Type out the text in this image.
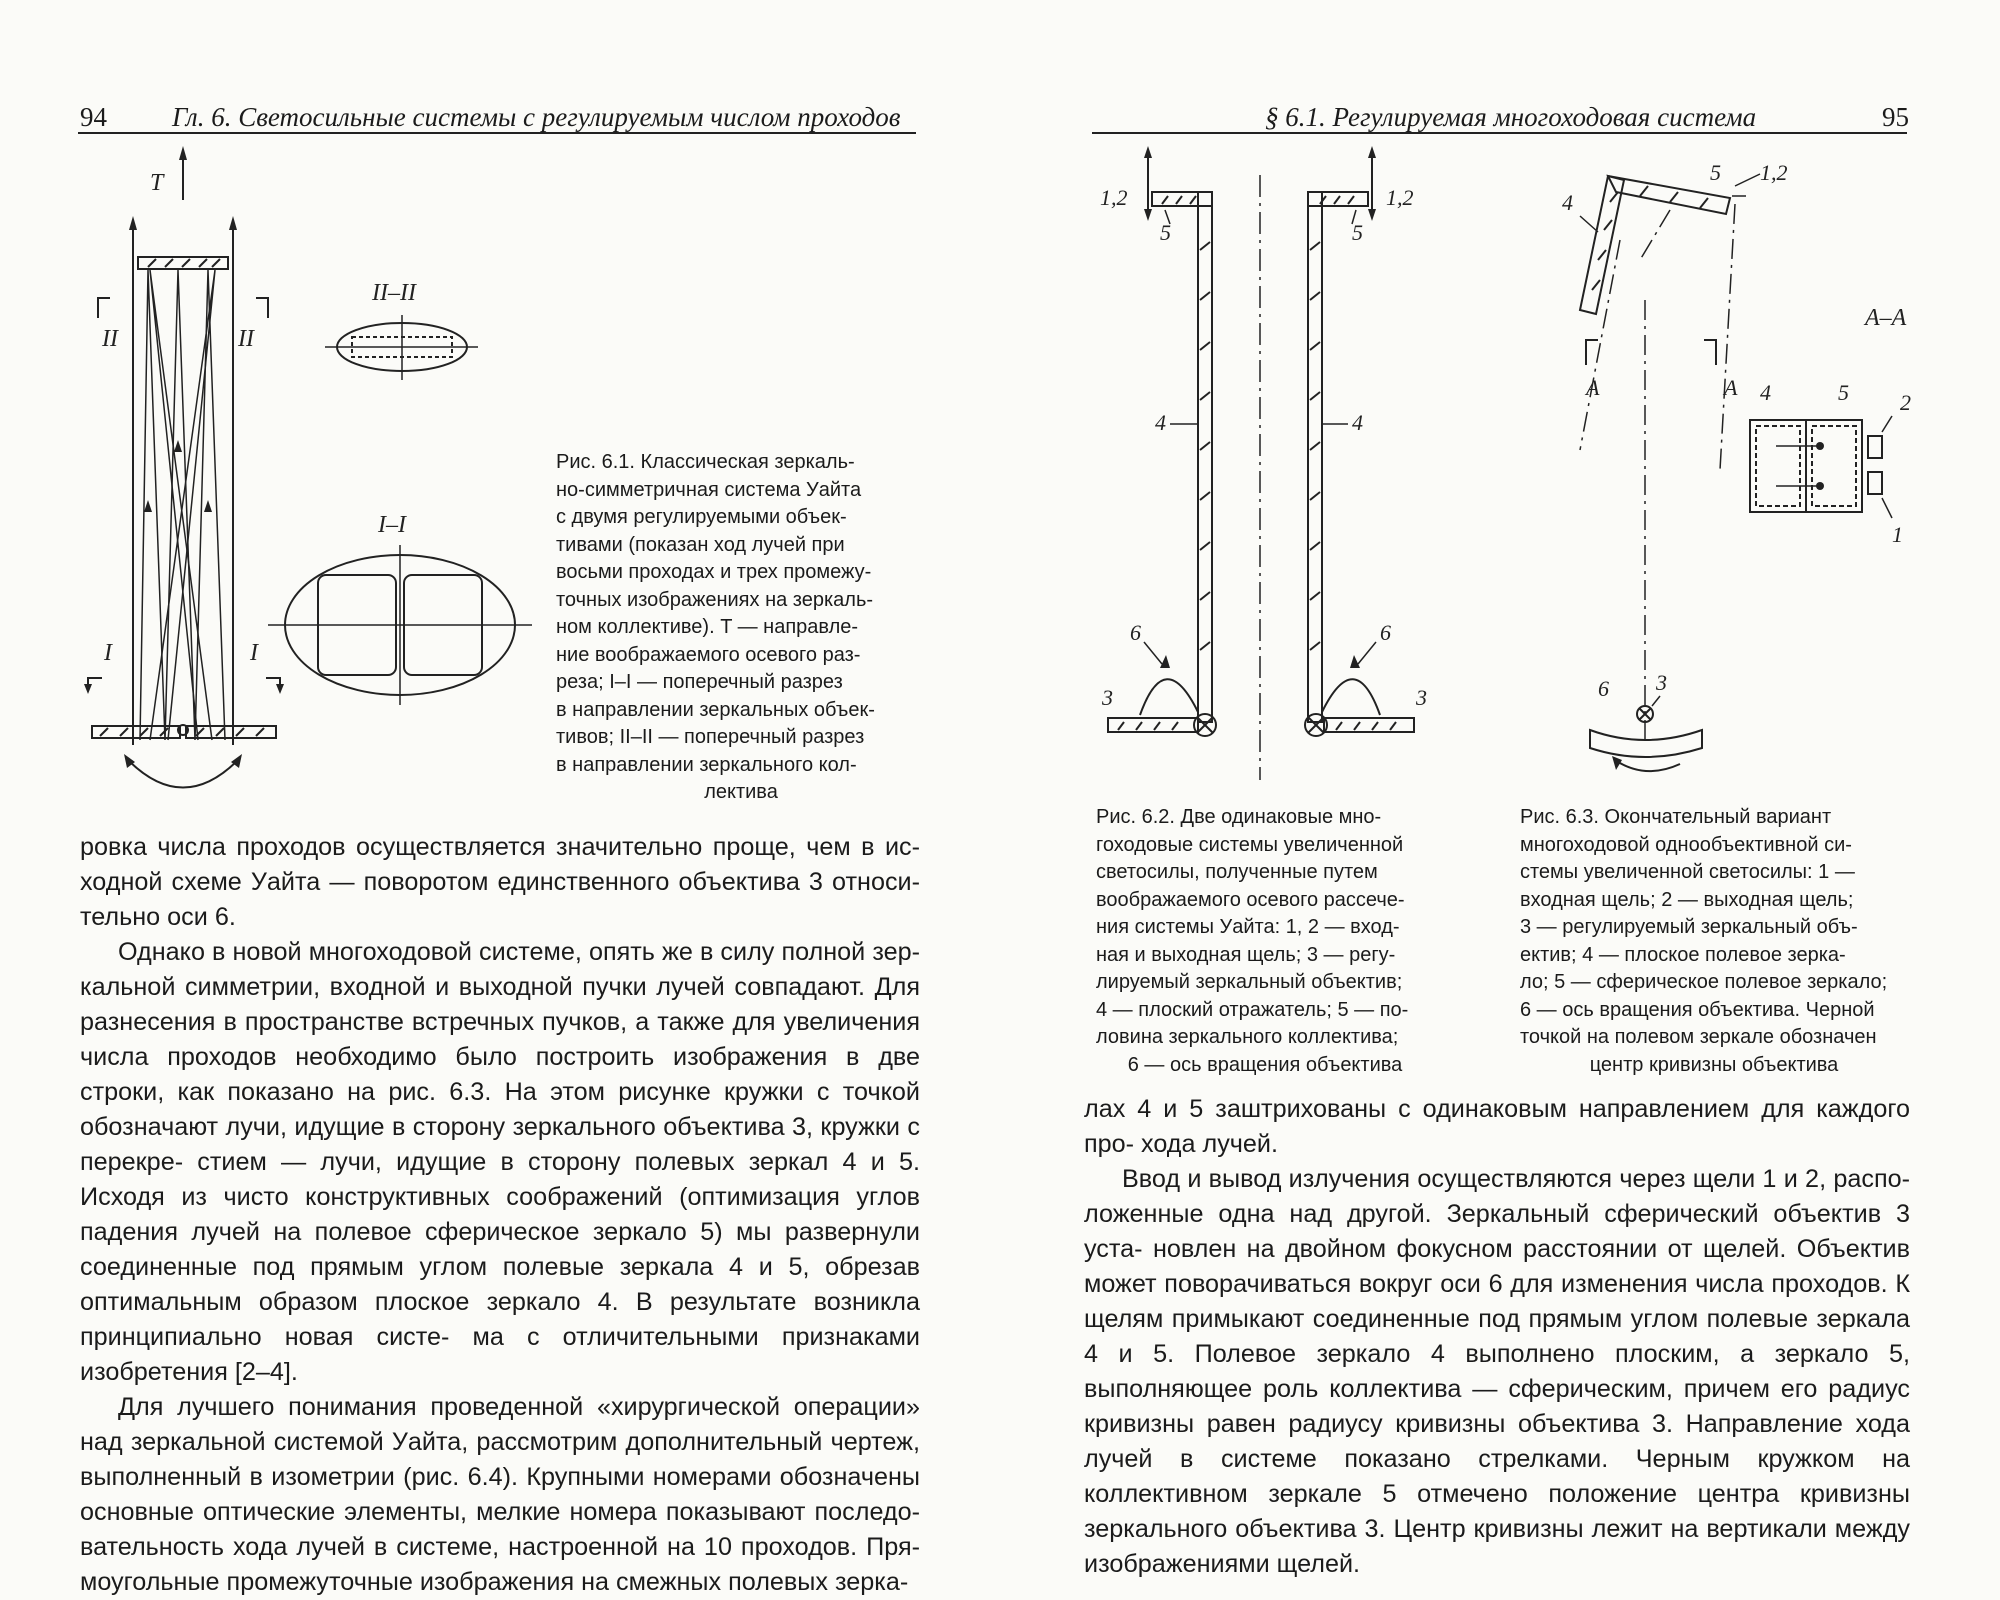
94 Гл. 6. Светосильные системы с регулируемым числом проходов
T
II	II
I	I
II–II
I–I
Рис. 6.1. Классическая зеркаль-
но-симметричная система Уайта
с двумя регулируемыми объек-
тивами (показан ход лучей при
восьми проходах и трех промежу-
точных изображениях на зеркаль-
ном коллективе). T — направле-
ние воображаемого осевого раз-
реза; I–I — поперечный разрез
в направлении зеркальных объек-
тивов; II–II — поперечный разрез
в направлении зеркального кол-
лектива

ровка числа проходов осуществляется значительно проще, чем в ис- ходной схеме Уайта — поворотом единственного объектива 3 относи- тельно оси 6.

Однако в новой многоходовой системе, опять же в силу полной зер- кальной симметрии, входной и выходной пучки лучей совпадают. Для разнесения в пространстве встречных пучков, а также для увеличения числа проходов необходимо было построить изображения в две строки, как показано на рис. 6.3. На этом рисунке кружки с точкой обозначают лучи, идущие в сторону зеркального объектива 3, кружки с перекре- стием — лучи, идущие в сторону полевых зеркал 4 и 5. Исходя из чисто конструктивных соображений (оптимизация углов падения лучей на полевое сферическое зеркало 5) мы развернули соединенные под прямым углом полевые зеркала 4 и 5, обрезав оптимальным образом плоское зеркало 4. В результате возникла принципиально новая систе- ма с отличительными признаками изобретения [2–4].

Для лучшего понимания проведенной «хирургической операции» над зеркальной системой Уайта, рассмотрим дополнительный чертеж, выполненный в изометрии (рис. 6.4). Крупными номерами обозначены основные оптические элементы, мелкие номера показывают последо- вательность хода лучей в системе, настроенной на 10 проходов. Пря- моугольные промежуточные изображения на смежных полевых зерка-

§ 6.1. Регулируемая многоходовая система	95
1,2
5
4
6
3
1,2
5
4
6
3
Рис. 6.2. Две одинаковые мно-
гоходовые системы увеличенной
светосилы, полученные путем
воображаемого осевого рассече-
ния системы Уайта: 1, 2 — вход-
ная и выходная щель; 3 — регу-
лируемый зеркальный объектив;
4 — плоский отражатель; 5 — по-
ловина зеркального коллектива;
6 — ось вращения объектива
4
5 1,2
A	A
A–A
4	5 2
1
6 3
Рис. 6.3. Окончательный вариант
многоходовой однообъективной си-
стемы увеличенной светосилы: 1 —
входная щель; 2 — выходная щель;
3 — регулируемый зеркальный объ-
ектив; 4 — плоское полевое зерка-
ло; 5 — сферическое полевое зеркало;
6 — ось вращения объектива. Черной
точкой на полевом зеркале обозначен
центр кривизны объектива

лах 4 и 5 заштрихованы с одинаковым направлением для каждого про- хода лучей.

Ввод и вывод излучения осуществляются через щели 1 и 2, распо- ложенные одна над другой. Зеркальный сферический объектив 3 уста- новлен на двойном фокусном расстоянии от щелей. Объектив может поворачиваться вокруг оси 6 для изменения числа проходов. К щелям примыкают соединенные под прямым углом полевые зеркала 4 и 5. Полевое зеркало 4 выполнено плоским, а зеркало 5, выполняющее роль коллектива — сферическим, причем его радиус кривизны равен радиусу кривизны объектива 3. Направление хода лучей в системе показано стрелками. Черным кружком на коллективном зеркале 5 отмечено положение центра кривизны зеркального объектива 3. Центр кривизны лежит на вертикали между изображениями щелей.
